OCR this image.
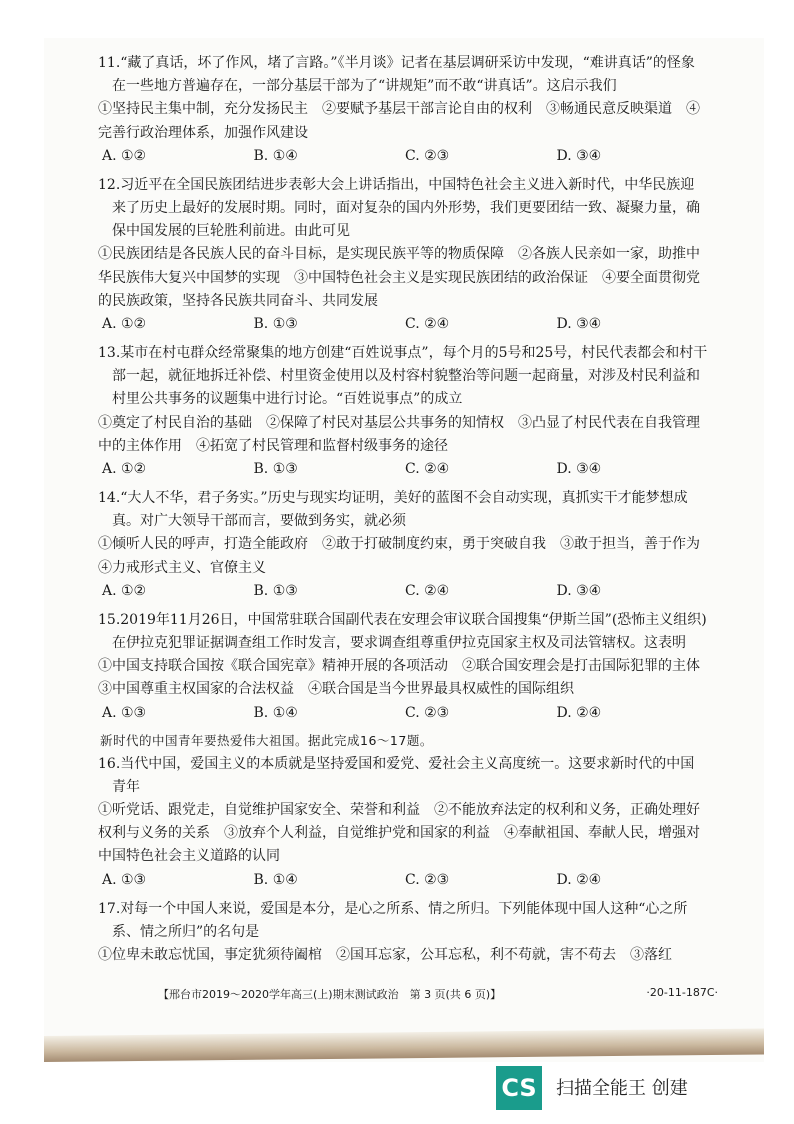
11.“藏了真话，坏了作风，堵了言路。”《半月谈》记者在基层调研采访中发现，“难讲真话”的怪象在一些地方普遍存在，一部分基层干部为了“讲规矩”而不敢“讲真话”。这启示我们
①坚持民主集中制，充分发扬民主　②要赋予基层干部言论自由的权利　③畅通民意反映渠道　④完善行政治理体系，加强作风建设
A. ①②	B. ①④	C. ②③	D. ③④
12.习近平在全国民族团结进步表彰大会上讲话指出，中国特色社会主义进入新时代，中华民族迎来了历史上最好的发展时期。同时，面对复杂的国内外形势，我们更要团结一致、凝聚力量，确保中国发展的巨轮胜利前进。由此可见
①民族团结是各民族人民的奋斗目标，是实现民族平等的物质保障　②各族人民亲如一家，助推中华民族伟大复兴中国梦的实现　③中国特色社会主义是实现民族团结的政治保证　④要全面贯彻党的民族政策，坚持各民族共同奋斗、共同发展
A. ①②	B. ①③	C. ②④	D. ③④
13.某市在村屯群众经常聚集的地方创建“百姓说事点”，每个月的5号和25号，村民代表都会和村干部一起，就征地拆迁补偿、村里资金使用以及村容村貌整治等问题一起商量，对涉及村民利益和村里公共事务的议题集中进行讨论。“百姓说事点”的成立
①奠定了村民自治的基础　②保障了村民对基层公共事务的知情权　③凸显了村民代表在自我管理中的主体作用　④拓宽了村民管理和监督村级事务的途径
A. ①②	B. ①③	C. ②④	D. ③④
14.“大人不华，君子务实。”历史与现实均证明，美好的蓝图不会自动实现，真抓实干才能梦想成真。对广大领导干部而言，要做到务实，就必须
①倾听人民的呼声，打造全能政府　②敢于打破制度约束，勇于突破自我　③敢于担当，善于作为　④力戒形式主义、官僚主义
A. ①②	B. ①③	C. ②④	D. ③④
15.2019年11月26日，中国常驻联合国副代表在安理会审议联合国搜集“伊斯兰国”(恐怖主义组织)在伊拉克犯罪证据调查组工作时发言，要求调查组尊重伊拉克国家主权及司法管辖权。这表明
①中国支持联合国按《联合国宪章》精神开展的各项活动　②联合国安理会是打击国际犯罪的主体　③中国尊重主权国家的合法权益　④联合国是当今世界最具权威性的国际组织
A. ①③	B. ①④	C. ②③	D. ②④
新时代的中国青年要热爱伟大祖国。据此完成16～17题。
16.当代中国，爱国主义的本质就是坚持爱国和爱党、爱社会主义高度统一。这要求新时代的中国青年
①听党话、跟党走，自觉维护国家安全、荣誉和利益　②不能放弃法定的权利和义务，正确处理好权利与义务的关系　③放弃个人利益，自觉维护党和国家的利益　④奉献祖国、奉献人民，增强对中国特色社会主义道路的认同
A. ①③	B. ①④	C. ②③	D. ②④
17.对每一个中国人来说，爱国是本分，是心之所系、情之所归。下列能体现中国人这种“心之所系、情之所归”的名句是
①位卑未敢忘忧国，事定犹须待阖棺　②国耳忘家，公耳忘私，利不苟就，害不苟去　③落红
【邢台市2019～2020学年高三(上)期末测试政治　第 3 页(共 6 页)】	·20-11-187C·
CS 扫描全能王 创建
